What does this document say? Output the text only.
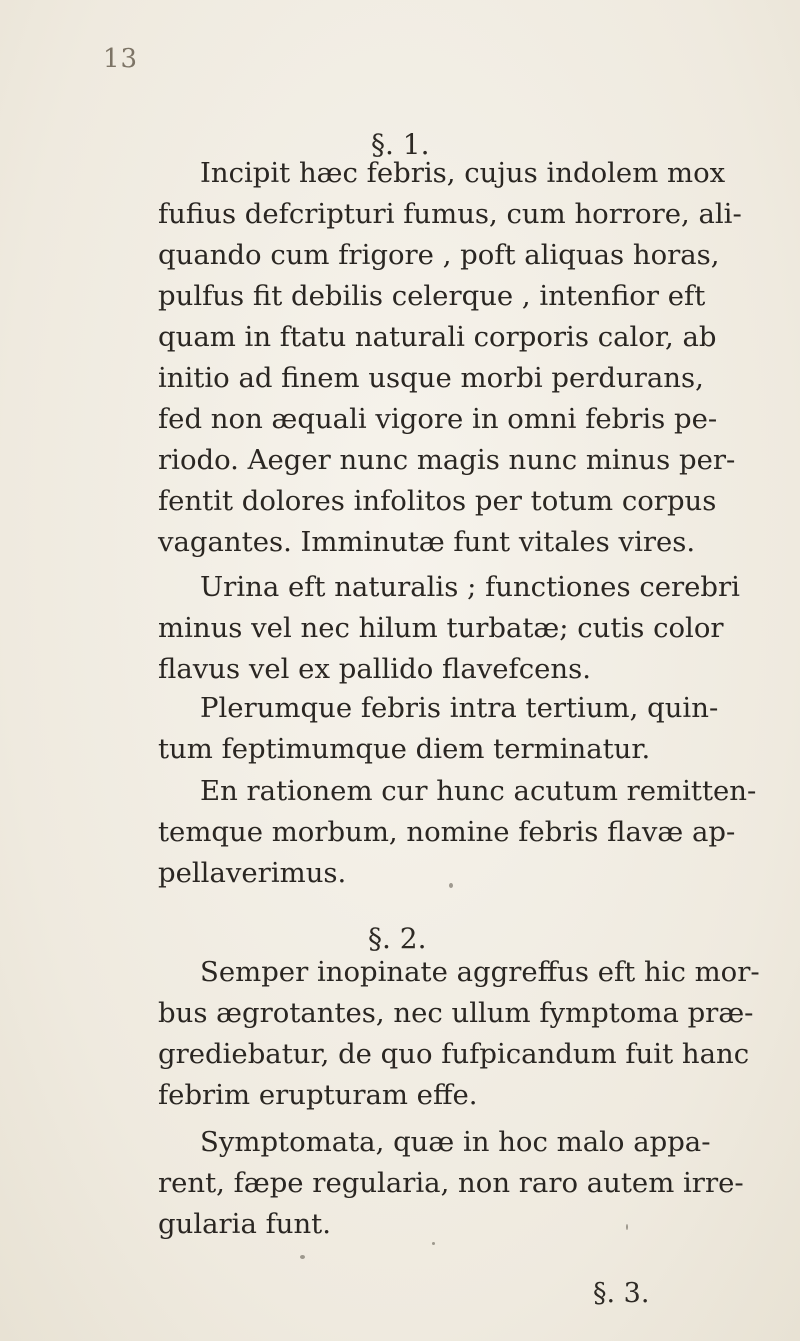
13
§. 1.
Incipit hæc febris, cujus indolem mox
fufius defcripturi fumus, cum horrore, ali-
quando cum frigore , poft aliquas horas,
pulfus fit debilis celerque , intenfior eft
quam in ftatu naturali corporis calor, ab
initio ad finem usque morbi perdurans,
fed non æquali vigore in omni febris pe-
riodo. Aeger nunc magis nunc minus per-
fentit dolores infolitos per totum corpus
vagantes. Imminutæ funt vitales vires.
Urina eft naturalis ; functiones cerebri
minus vel nec hilum turbatæ; cutis color
flavus vel ex pallido flavefcens.
Plerumque febris intra tertium, quin-
tum feptimumque diem terminatur.
En rationem cur hunc acutum remitten-
temque morbum, nomine febris flavæ ap-
pellaverimus.
§. 2.
Semper inopinate aggreffus eft hic mor-
bus ægrotantes, nec ullum fymptoma præ-
grediebatur, de quo fufpicandum fuit hanc
febrim erupturam effe.
Symptomata, quæ in hoc malo appa-
rent, fæpe regularia, non raro autem irre-
gularia funt.
§. 3.
